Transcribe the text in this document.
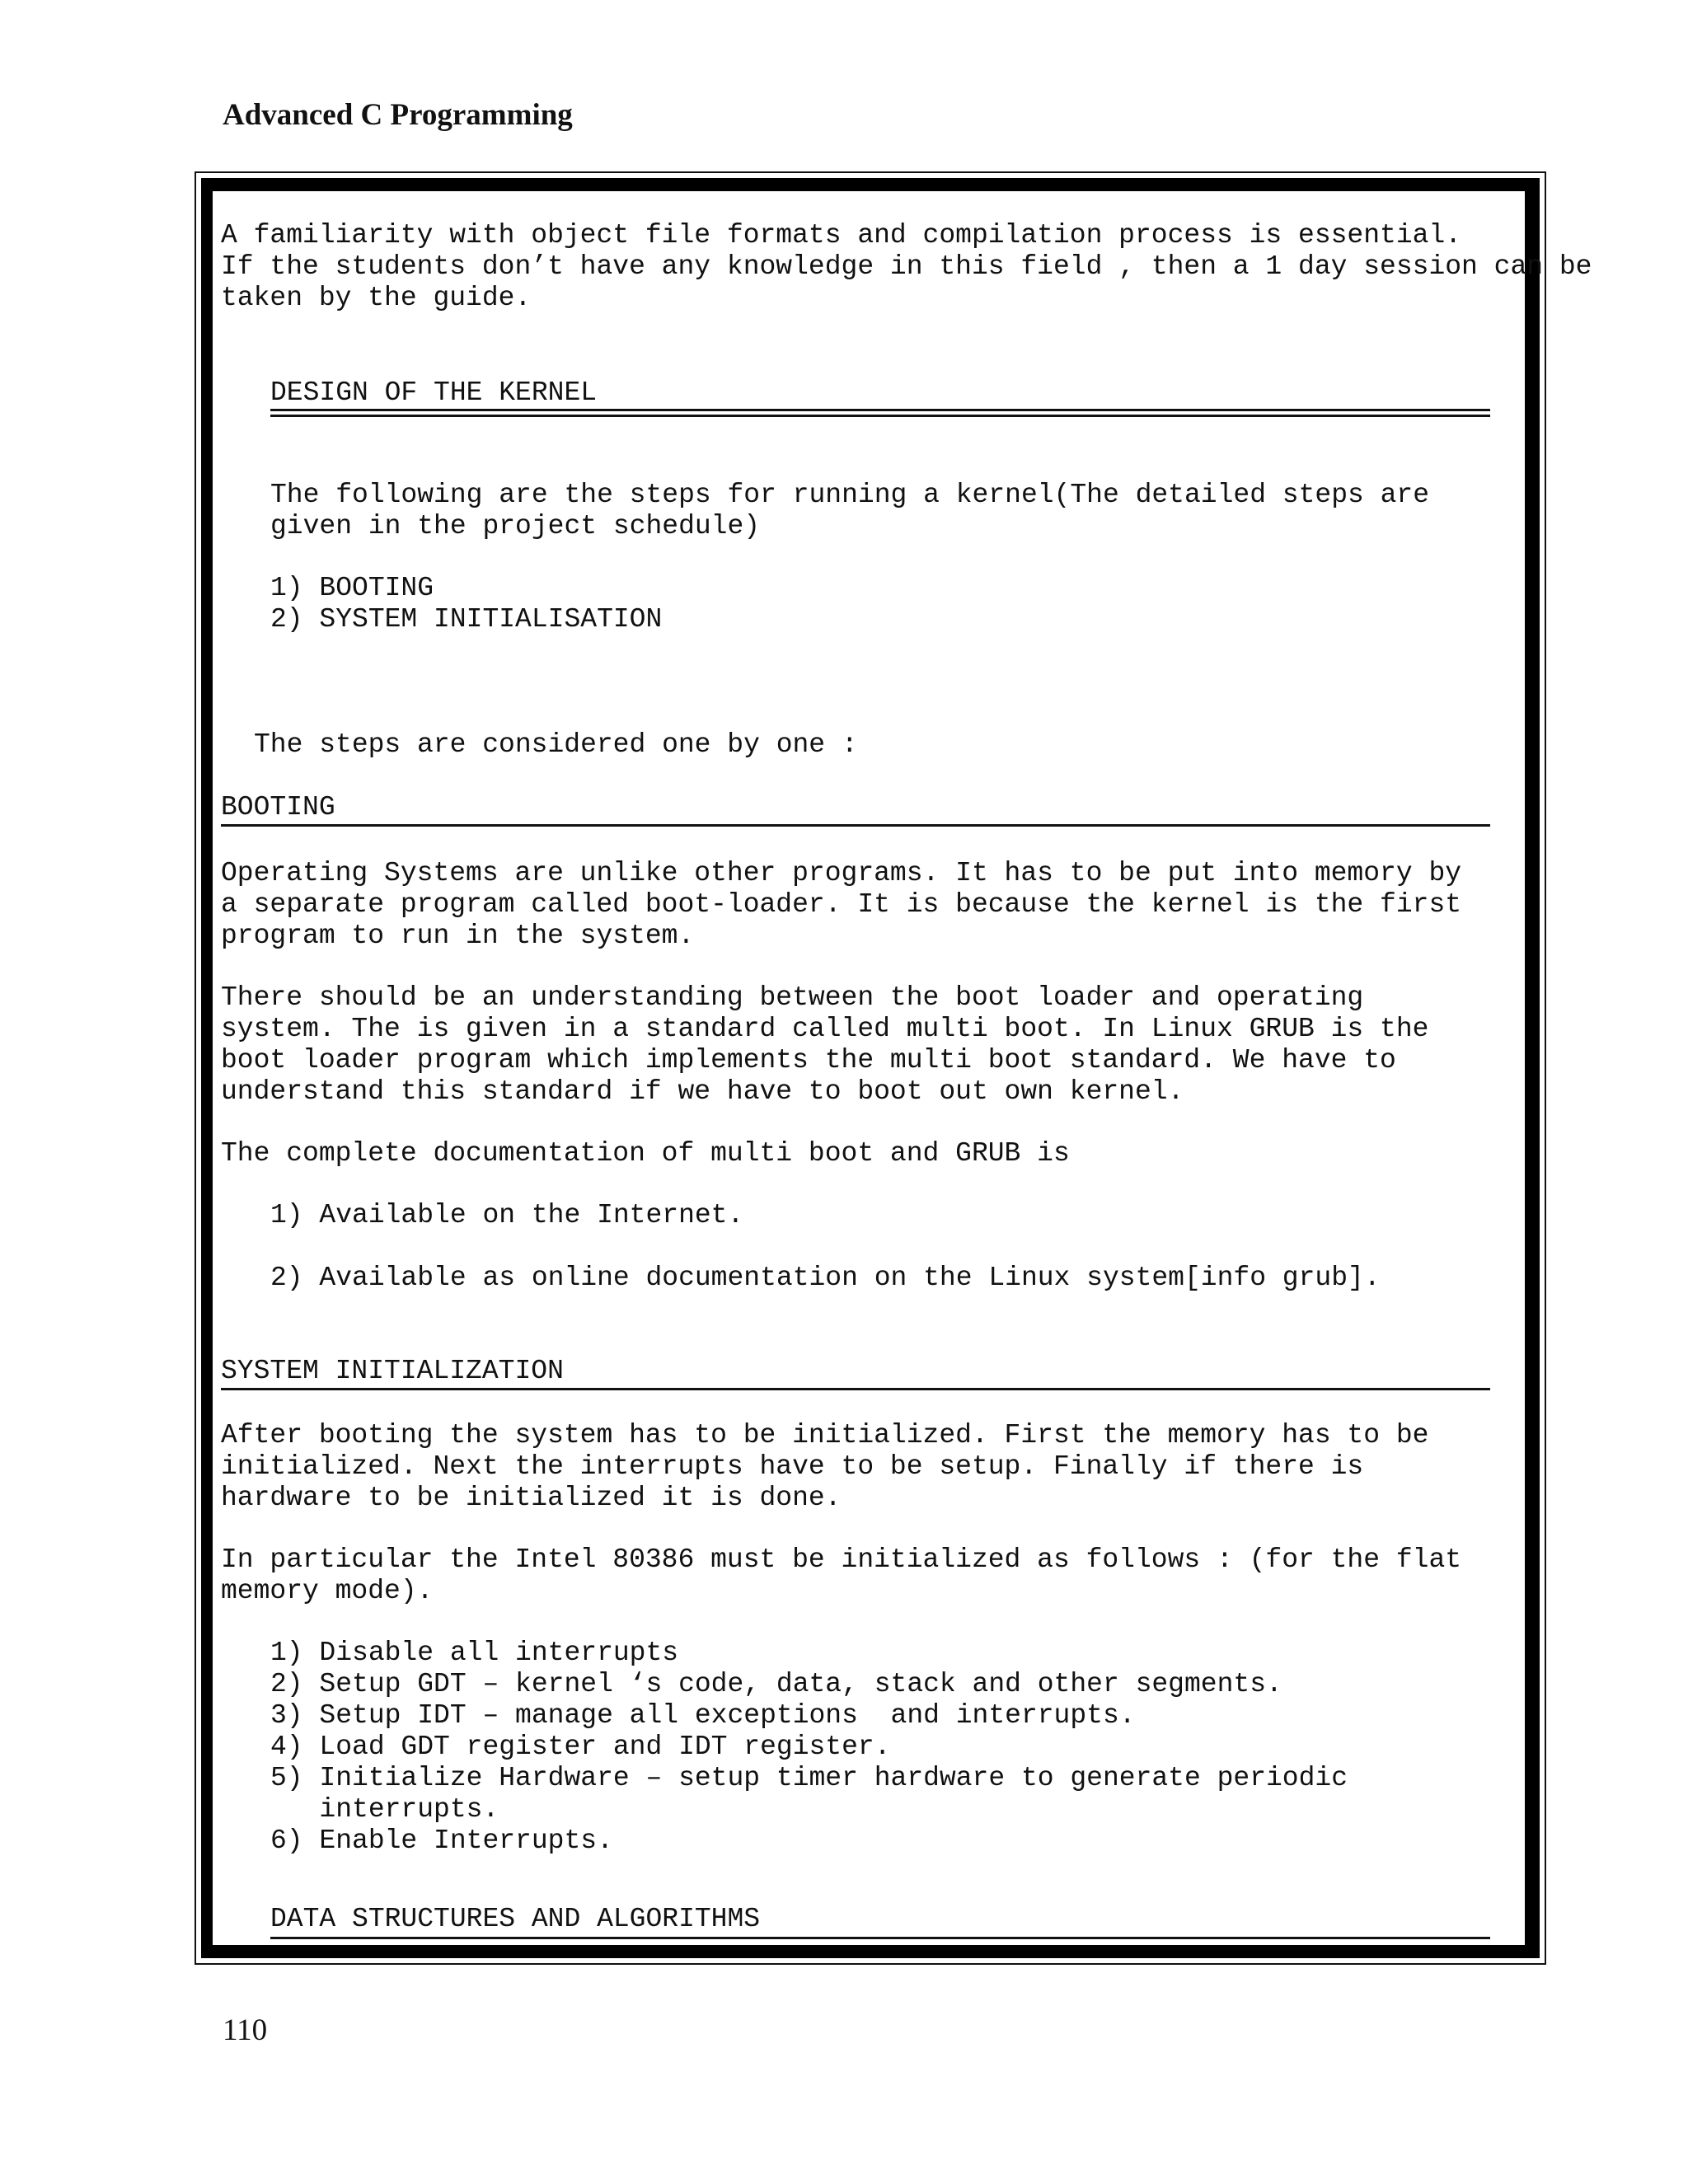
Advanced C Programming
A familiarity with object file formats and compilation process is essential.
If the students don’t have any knowledge in this field , then a 1 day session can be
taken by the guide.
DESIGN OF THE KERNEL
The following are the steps for running a kernel(The detailed steps are
given in the project schedule)
1) BOOTING
2) SYSTEM INITIALISATION
The steps are considered one by one :
BOOTING
Operating Systems are unlike other programs. It has to be put into memory by
a separate program called boot-loader. It is because the kernel is the first
program to run in the system.
There should be an understanding between the boot loader and operating
system. The is given in a standard called multi boot. In Linux GRUB is the
boot loader program which implements the multi boot standard. We have to
understand this standard if we have to boot out own kernel.
The complete documentation of multi boot and GRUB is
1) Available on the Internet.
2) Available as online documentation on the Linux system[info grub].
SYSTEM INITIALIZATION
After booting the system has to be initialized. First the memory has to be
initialized. Next the interrupts have to be setup. Finally if there is
hardware to be initialized it is done.
In particular the Intel 80386 must be initialized as follows : (for the flat
memory mode).
1) Disable all interrupts
2) Setup GDT – kernel ‘s code, data, stack and other segments.
3) Setup IDT – manage all exceptions  and interrupts.
4) Load GDT register and IDT register.
5) Initialize Hardware – setup timer hardware to generate periodic
interrupts.
6) Enable Interrupts.
DATA STRUCTURES AND ALGORITHMS
110
